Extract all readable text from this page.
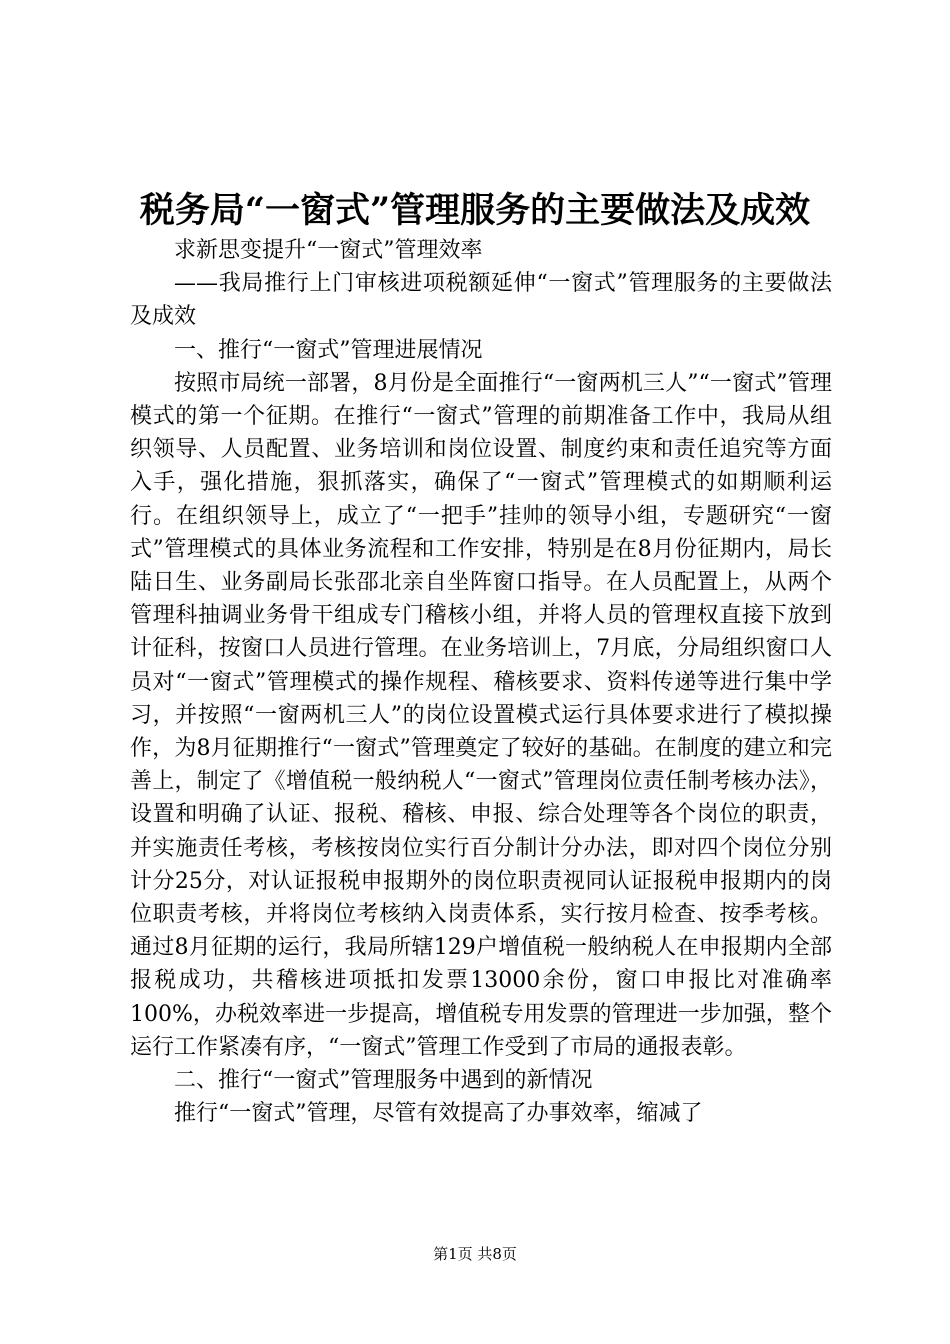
税务局“一窗式”管理服务的主要做法及成效

求新思变提升“一窗式”管理效率

——我局推行上门审核进项税额延伸“一窗式”管理服务的主要做法及成效

一、推行“一窗式”管理进展情况

按照市局统一部署，8月份是全面推行“一窗两机三人”“一窗式”管理模式的第一个征期。在推行“一窗式”管理的前期准备工作中，我局从组织领导、人员配置、业务培训和岗位设置、制度约束和责任追究等方面入手，强化措施，狠抓落实，确保了“一窗式”管理模式的如期顺利运行。在组织领导上，成立了“一把手”挂帅的领导小组，专题研究“一窗式”管理模式的具体业务流程和工作安排，特别是在8月份征期内，局长陆日生、业务副局长张邵北亲自坐阵窗口指导。在人员配置上，从两个管理科抽调业务骨干组成专门稽核小组，并将人员的管理权直接下放到计征科，按窗口人员进行管理。在业务培训上，7月底，分局组织窗口人员对“一窗式”管理模式的操作规程、稽核要求、资料传递等进行集中学习，并按照“一窗两机三人”的岗位设置模式运行具体要求进行了模拟操作，为8月征期推行“一窗式”管理奠定了较好的基础。在制度的建立和完善上，制定了《增值税一般纳税人“一窗式”管理岗位责任制考核办法》，设置和明确了认证、报税、稽核、申报、综合处理等各个岗位的职责，并实施责任考核，考核按岗位实行百分制计分办法，即对四个岗位分别计分25分，对认证报税申报期外的岗位职责视同认证报税申报期内的岗位职责考核，并将岗位考核纳入岗责体系，实行按月检查、按季考核。通过8月征期的运行，我局所辖129户增值税一般纳税人在申报期内全部报税成功，共稽核进项抵扣发票13000余份，窗口申报比对准确率100%，办税效率进一步提高，增值税专用发票的管理进一步加强，整个运行工作紧凑有序，“一窗式”管理工作受到了市局的通报表彰。

二、推行“一窗式”管理服务中遇到的新情况

推行“一窗式”管理，尽管有效提高了办事效率，缩减了

第1页 共8页
